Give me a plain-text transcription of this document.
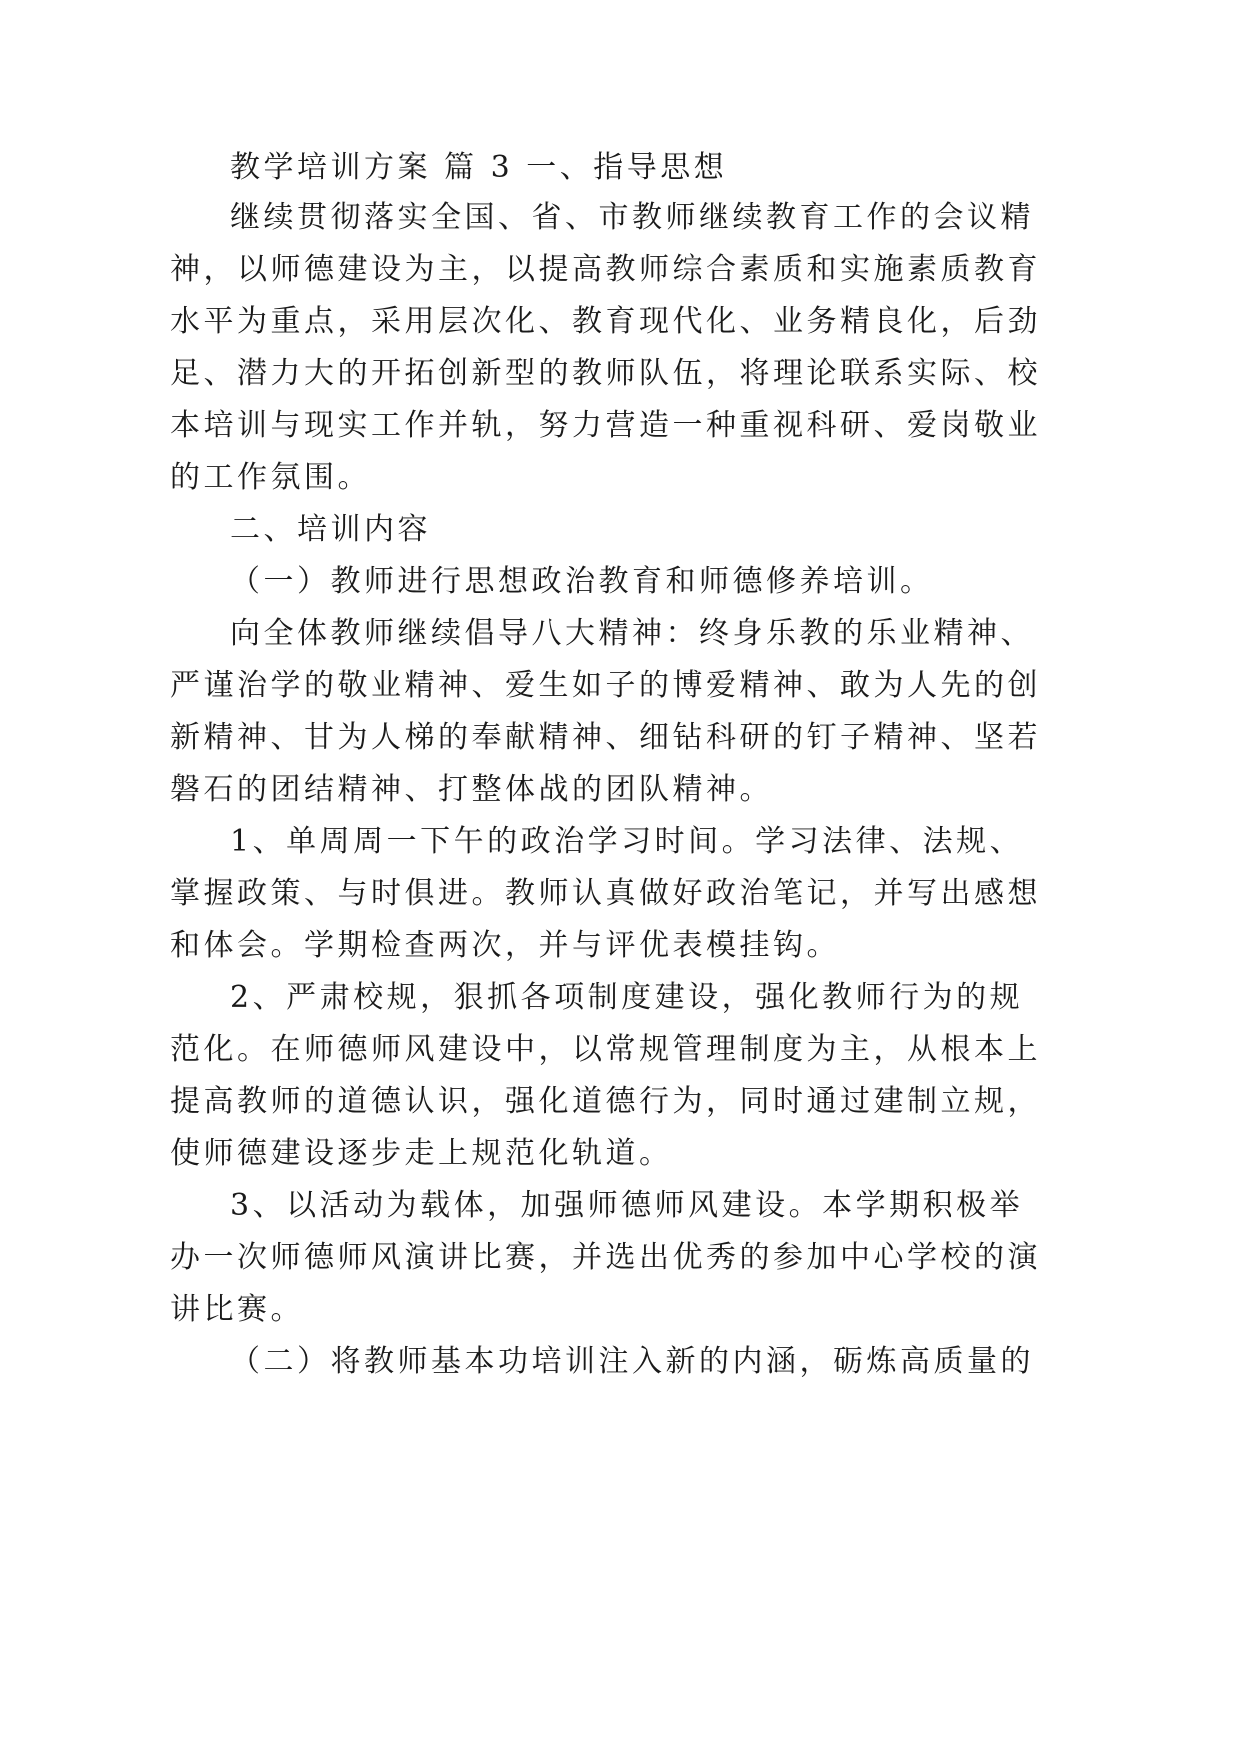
教学培训方案 篇 3 一、指导思想
继续贯彻落实全国、省、市教师继续教育工作的会议精
神，以师德建设为主，以提高教师综合素质和实施素质教育
水平为重点，采用层次化、教育现代化、业务精良化，后劲
足、潜力大的开拓创新型的教师队伍，将理论联系实际、校
本培训与现实工作并轨，努力营造一种重视科研、爱岗敬业
的工作氛围。
二、培训内容
（一）教师进行思想政治教育和师德修养培训。
向全体教师继续倡导八大精神：终身乐教的乐业精神、
严谨治学的敬业精神、爱生如子的博爱精神、敢为人先的创
新精神、甘为人梯的奉献精神、细钻科研的钉子精神、坚若
磐石的团结精神、打整体战的团队精神。
1、单周周一下午的政治学习时间。学习法律、法规、
掌握政策、与时俱进。教师认真做好政治笔记，并写出感想
和体会。学期检查两次，并与评优表模挂钩。
2、严肃校规，狠抓各项制度建设，强化教师行为的规
范化。在师德师风建设中，以常规管理制度为主，从根本上
提高教师的道德认识，强化道德行为，同时通过建制立规，
使师德建设逐步走上规范化轨道。
3、以活动为载体，加强师德师风建设。本学期积极举
办一次师德师风演讲比赛，并选出优秀的参加中心学校的演
讲比赛。
（二）将教师基本功培训注入新的内涵，砺炼高质量的
